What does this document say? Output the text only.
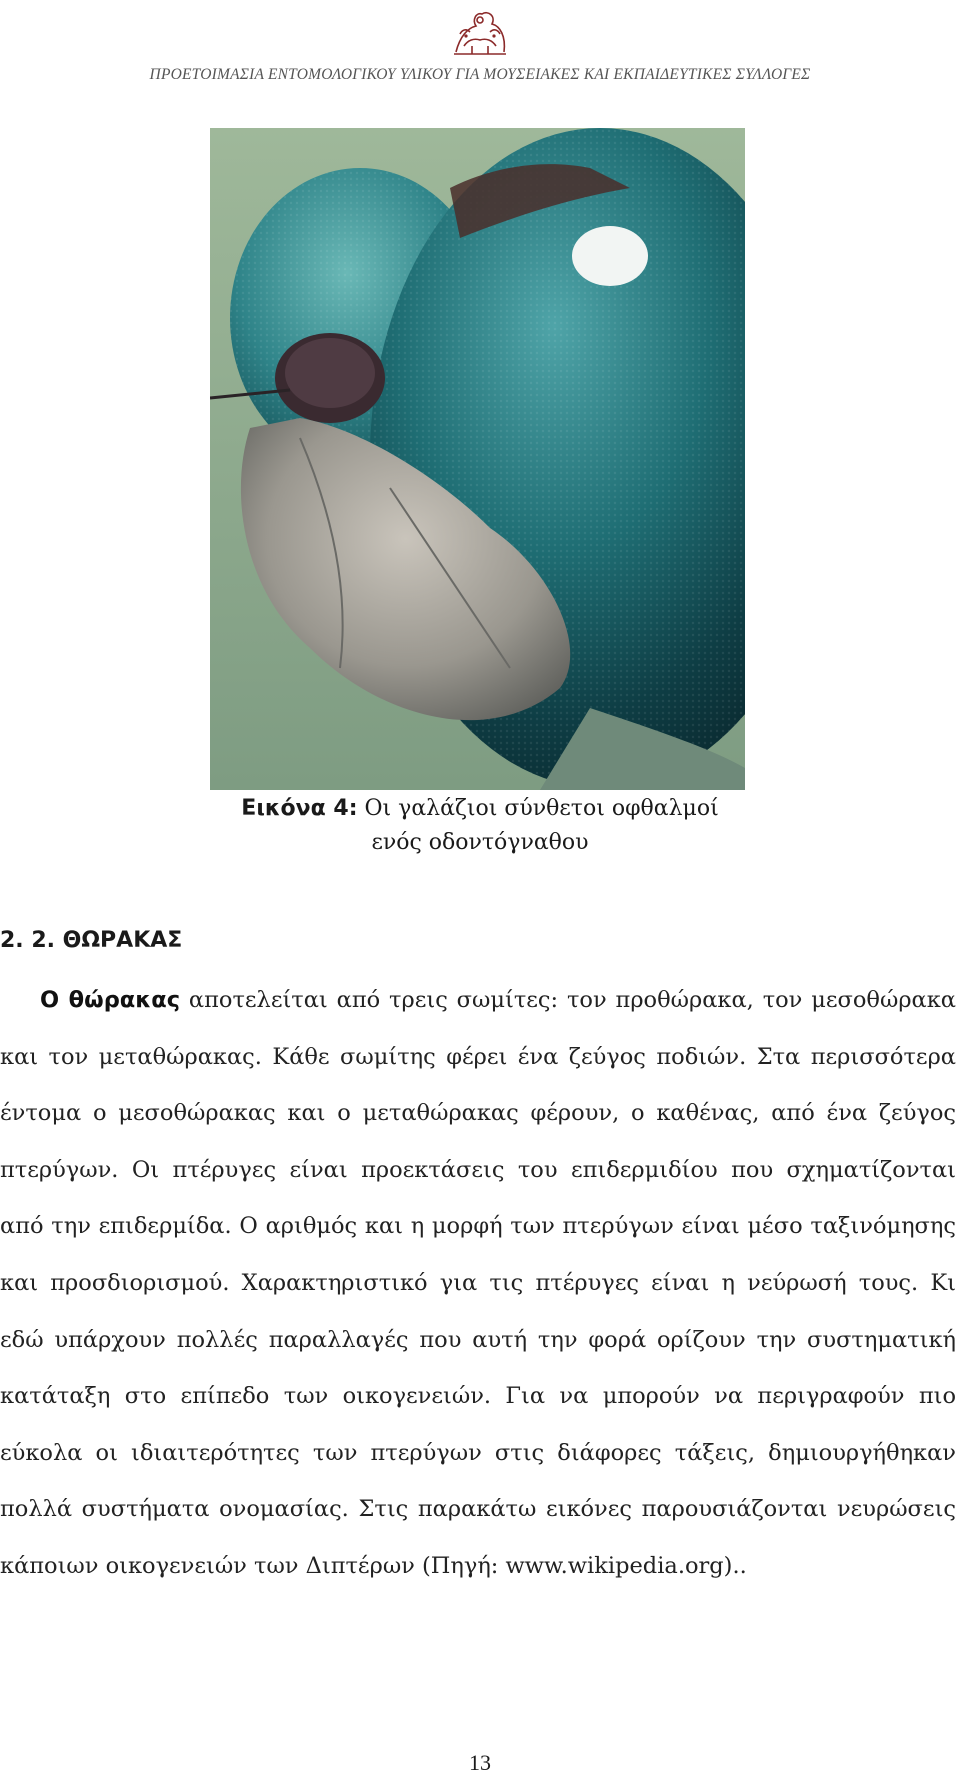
ΠΡΟΕΤΟΙΜΑΣΙΑ ΕΝΤΟΜΟΛΟΓΙΚΟΥ ΥΛΙΚΟΥ ΓΙΑ ΜΟΥΣΕΙΑΚΕΣ ΚΑΙ ΕΚΠΑΙΔΕΥΤΙΚΕΣ ΣΥΛΛΟΓΕΣ
Εικόνα 4: Οι γαλάζιοι σύνθετοι οφθαλμοί
ενός οδοντόγναθου
2. 2. ΘΩΡΑΚΑΣ
Ο θώρακας αποτελείται από τρεις σωμίτες: τον προθώρακα, τον μεσοθώρακα και τον μεταθώρακας. Κάθε σωμίτης φέρει ένα ζεύγος ποδιών. Στα περισσότερα έντομα ο μεσοθώρακας και ο μεταθώρακας φέρουν, ο καθένας, από ένα ζεύγος πτερύγων. Οι πτέρυγες είναι προεκτάσεις του επιδερμιδίου που σχηματίζονται από την επιδερμίδα. Ο αριθμός και η μορφή των πτερύγων είναι μέσο ταξινόμησης και προσδιορισμού. Χαρακτηριστικό για τις πτέρυγες είναι η νεύρωσή τους. Κι εδώ υπάρχουν πολλές παραλλαγές που αυτή την φορά ορίζουν την συστηματική κατάταξη στο επίπεδο των οικογενειών. Για να μπορούν να περιγραφούν πιο εύκολα οι ιδιαιτερότητες των πτερύγων στις διάφορες τάξεις, δημιουργήθηκαν πολλά συστήματα ονομασίας. Στις παρακάτω εικόνες παρουσιάζονται νευρώσεις κάποιων οικογενειών των Διπτέρων (Πηγή: www.wikipedia.org)..
13
